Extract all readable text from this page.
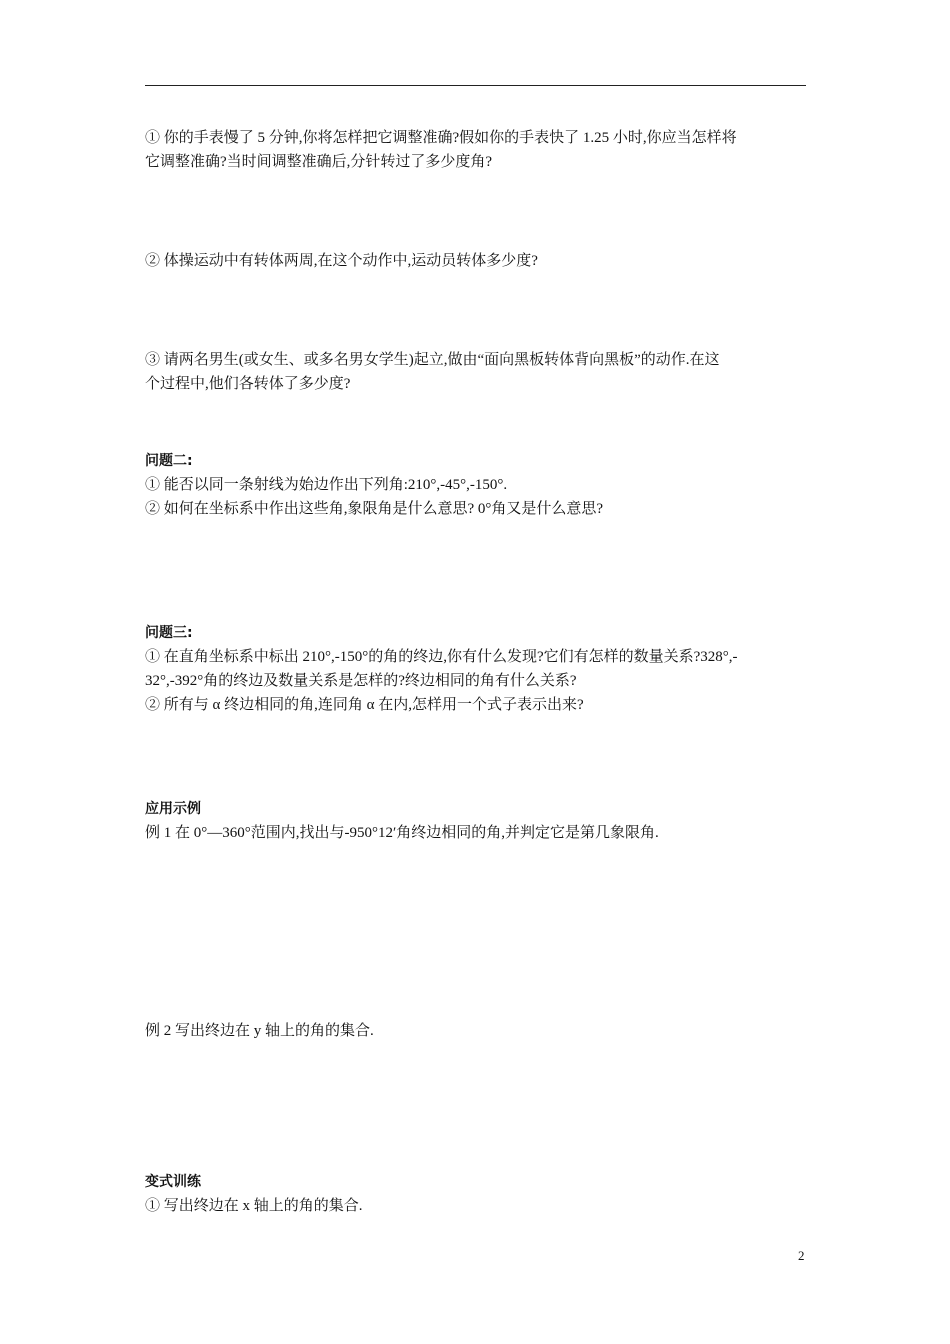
① 你的手表慢了 5 分钟,你将怎样把它调整准确?假如你的手表快了 1.25 小时,你应当怎样将

它调整准确?当时间调整准确后,分针转过了多少度角?

② 体操运动中有转体两周,在这个动作中,运动员转体多少度?

③ 请两名男生(或女生、或多名男女学生)起立,做由“面向黑板转体背向黑板”的动作.在这

个过程中,他们各转体了多少度?

问题二:

① 能否以同一条射线为始边作出下列角:210°,-45°,-150°.

② 如何在坐标系中作出这些角,象限角是什么意思? 0°角又是什么意思?

问题三:

① 在直角坐标系中标出 210°,-150°的角的终边,你有什么发现?它们有怎样的数量关系?328°,-

32°,-392°角的终边及数量关系是怎样的?终边相同的角有什么关系?

② 所有与 α 终边相同的角,连同角 α 在内,怎样用一个式子表示出来?

应用示例

例 1 在 0°—360°范围内,找出与-950°12′角终边相同的角,并判定它是第几象限角.

例 2 写出终边在 y 轴上的角的集合.

变式训练

① 写出终边在 x 轴上的角的集合.

2
